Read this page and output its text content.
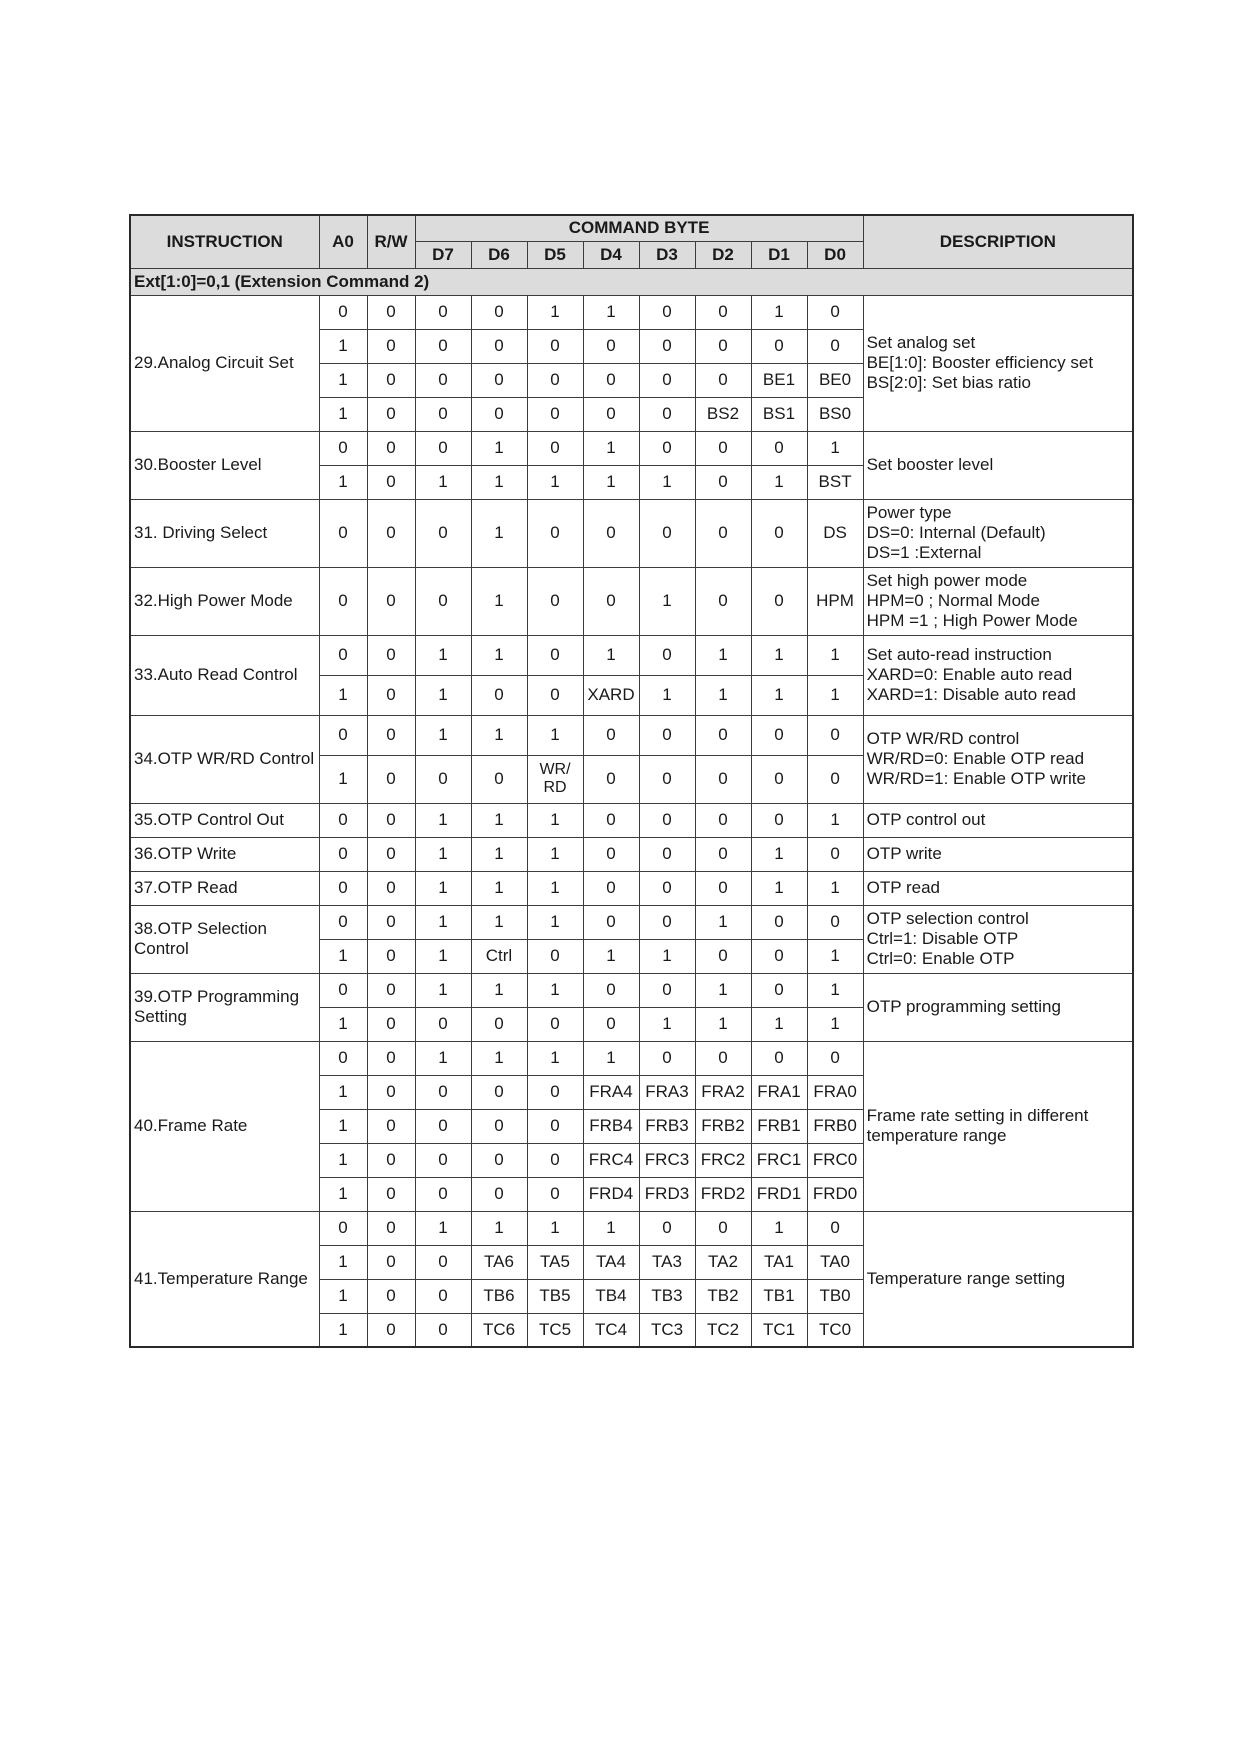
INSTRUCTION	A0	R/W	COMMAND BYTE								DESCRIPTION
			D7	D6	D5	D4	D3	D2	D1	D0	
Ext[1:0]=0,1 (Extension Command 2)											
29.Analog Circuit Set	0	0	0	0	1	1	0	0	1	0	Set analog set
BE[1:0]: Booster efficiency set
BS[2:0]: Set bias ratio

	1	0	0	0	0	0	0	0	0	0	
	1	0	0	0	0	0	0	0	BE1	BE0	
	1	0	0	0	0	0	0	BS2	BS1	BS0	
30.Booster Level	0	0	0	1	0	1	0	0	0	1	Set booster level

	1	0	1	1	1	1	1	0	1	BST	
31. Driving Select	0	0	0	1	0	0	0	0	0	DS	Power type
DS=0: Internal (Default)
DS=1 :External

32.High Power Mode	0	0	0	1	0	0	1	0	0	HPM	Set high power mode
HPM=0 ; Normal Mode
HPM =1 ; High Power Mode

33.Auto Read Control	0	0	1	1	0	1	0	1	1	1	Set auto-read instruction
XARD=0: Enable auto read
XARD=1: Disable auto read

	1	0	1	0	0	XARD	1	1	1	1	
34.OTP WR/RD Control	0	0	1	1	1	0	0	0	0	0	OTP WR/RD control
WR/RD=0: Enable OTP read
WR/RD=1: Enable OTP write

	1	0	0	0	WR/
RD	0	0	0	0	0	
35.OTP Control Out	0	0	1	1	1	0	0	0	0	1	OTP control out

36.OTP Write	0	0	1	1	1	0	0	0	1	0	OTP write

37.OTP Read	0	0	1	1	1	0	0	0	1	1	OTP read

38.OTP Selection Control	0	0	1	1	1	0	0	1	0	0	OTP selection control
Ctrl=1: Disable OTP
Ctrl=0: Enable OTP

	1	0	1	Ctrl	0	1	1	0	0	1	
39.OTP Programming Setting	0	0	1	1	1	0	0	1	0	1	OTP programming setting

	1	0	0	0	0	0	1	1	1	1	
40.Frame Rate	0	0	1	1	1	1	0	0	0	0	Frame rate setting in different temperature range

	1	0	0	0	0	FRA4	FRA3	FRA2	FRA1	FRA0	
	1	0	0	0	0	FRB4	FRB3	FRB2	FRB1	FRB0	
	1	0	0	0	0	FRC4	FRC3	FRC2	FRC1	FRC0	
	1	0	0	0	0	FRD4	FRD3	FRD2	FRD1	FRD0	
41.Temperature Range	0	0	1	1	1	1	0	0	1	0	Temperature range setting

	1	0	0	TA6	TA5	TA4	TA3	TA2	TA1	TA0	
	1	0	0	TB6	TB5	TB4	TB3	TB2	TB1	TB0	
	1	0	0	TC6	TC5	TC4	TC3	TC2	TC1	TC0	
